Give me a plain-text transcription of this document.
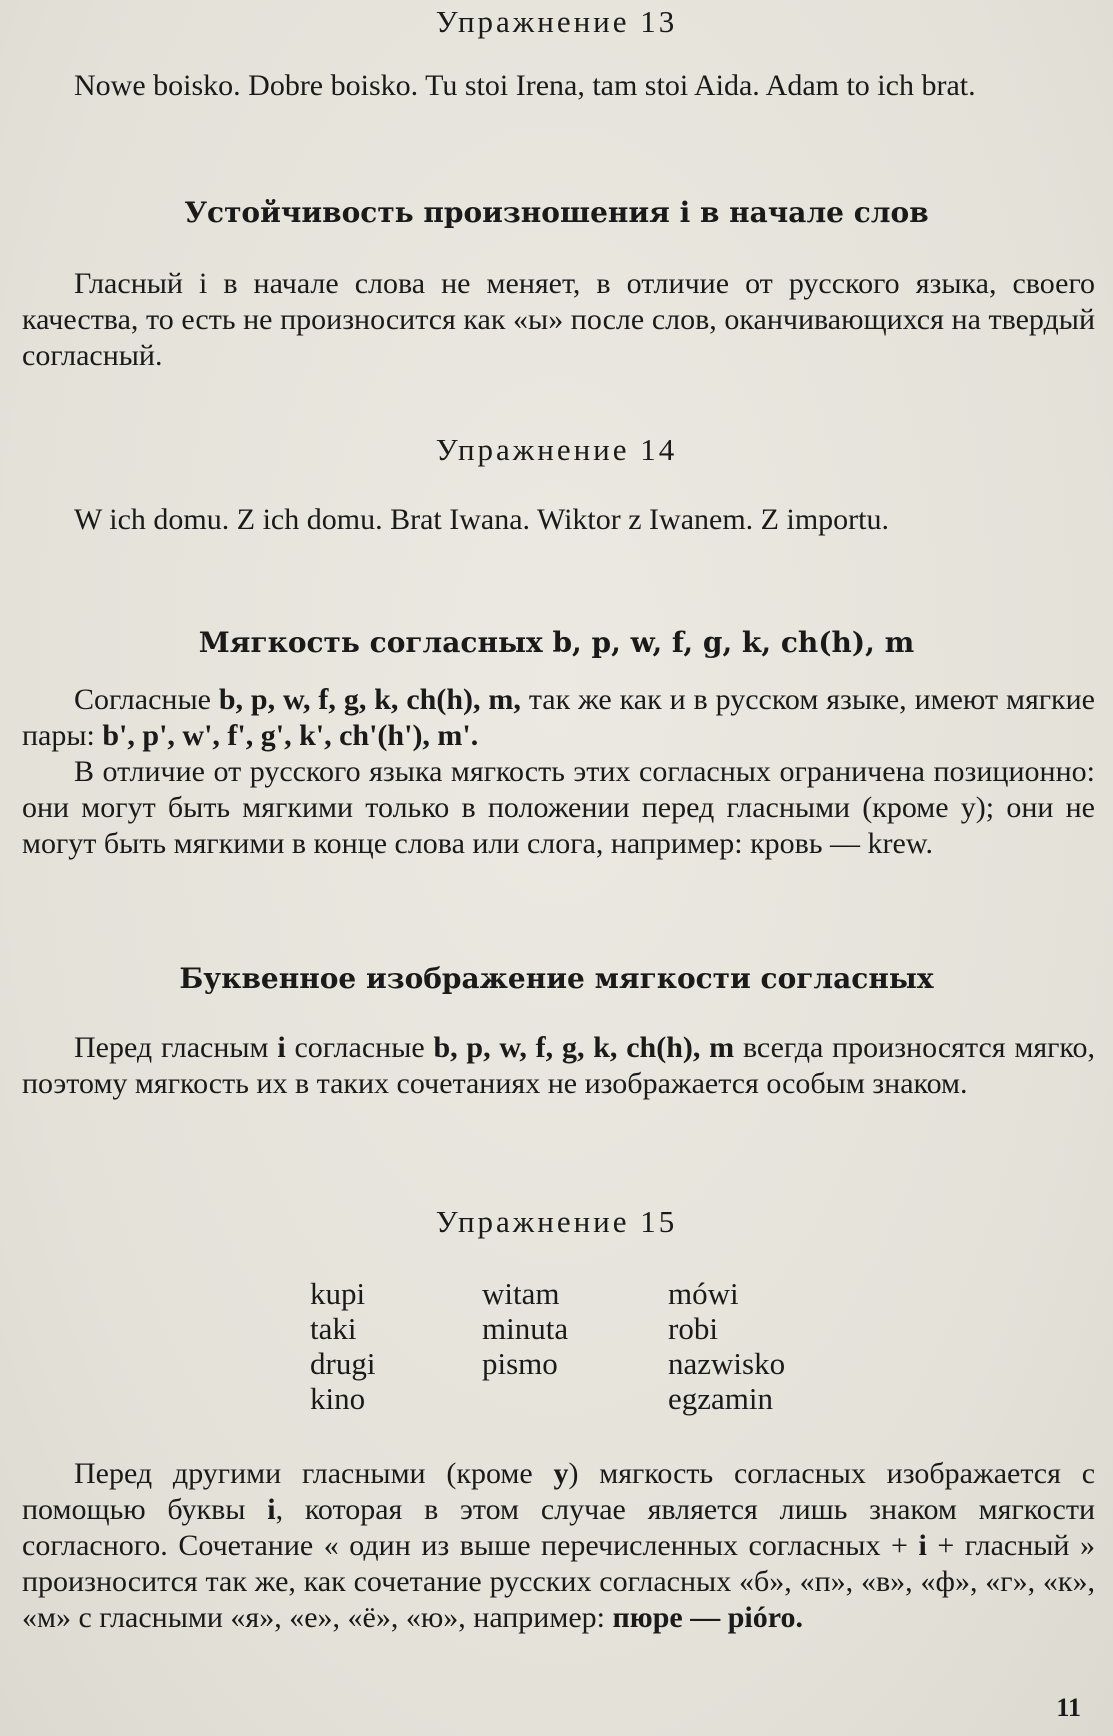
Упражнение 13

Nowe boisko. Dobre boisko. Tu stoi Irena, tam stoi Aida. Adam to ich brat.

Устойчивость произношения i в начале слов

Гласный i в начале слова не меняет, в отличие от русского языка, своего качества, то есть не произносится как «ы» после слов, оканчивающихся на твердый согласный.

Упражнение 14

W ich domu. Z ich domu. Brat Iwana. Wiktor z Iwanem. Z importu.

Мягкость согласных b, p, w, f, g, k, ch(h), m

Согласные b, p, w, f, g, k, ch(h), m, так же как и в русском языке, имеют мягкие пары: b', p', w', f', g', k', ch'(h'), m'.

В отличие от русского языка мягкость этих согласных ограничена позиционно: они могут быть мягкими только в положении перед гласными (кроме y); они не могут быть мягкими в конце слова или слога, например: кровь — krew.

Буквенное изображение мягкости согласных

Перед гласным i согласные b, p, w, f, g, k, ch(h), m всегда произносятся мягко, поэтому мягкость их в таких сочетаниях не изображается особым знаком.

Упражнение 15

kupi
taki
drugi
kino
witam
minuta
pismo
mówi
robi
nazwisko
egzamin

Перед другими гласными (кроме y) мягкость согласных изображается с помощью буквы i, которая в этом случае является лишь знаком мягкости согласного. Сочетание « один из выше перечисленных согласных + i + гласный » произносится так же, как сочетание русских согласных «б», «п», «в», «ф», «г», «к», «м» с гласными «я», «е», «ё», «ю», например: пюре — pióro.

11
